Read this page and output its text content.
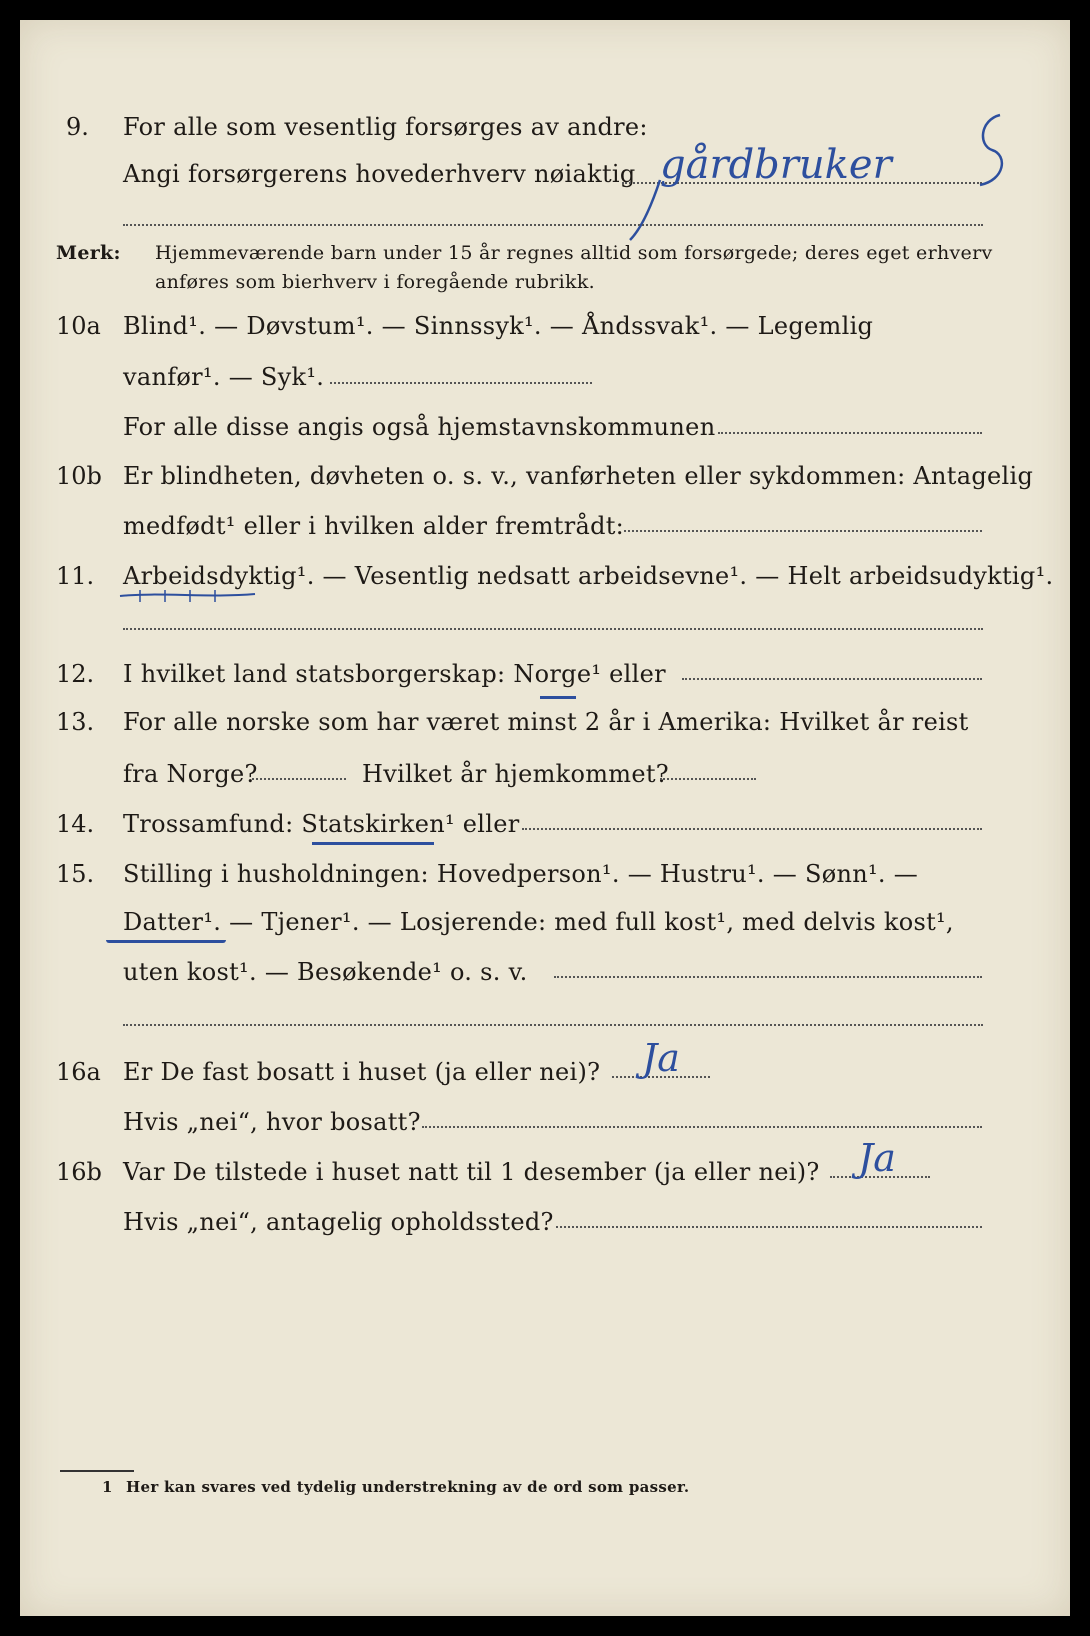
9. For alle som vesentlig forsørges av andre:
Angi forsørgerens hovederhverv nøiaktig gårdbruker
Merk: Hjemmeværende barn under 15 år regnes alltid som forsørgede; deres eget erhverv
anføres som bierhverv i foregående rubrikk.
10a Blind¹. — Døvstum¹. — Sinnssyk¹. — Åndssvak¹. — Legemlig
vanfør¹. — Syk¹.
For alle disse angis også hjemstavnskommunen
10b Er blindheten, døvheten o. s. v., vanførheten eller sykdommen: Antagelig
medfødt¹ eller i hvilken alder fremtrådt:
11. Arbeidsdyktig¹. — Vesentlig nedsatt arbeidsevne¹. — Helt arbeidsudyktig¹.
12. I hvilket land statsborgerskap: Norge¹ eller
13. For alle norske som har været minst 2 år i Amerika: Hvilket år reist
fra Norge?	Hvilket år hjemkommet?
14. Trossamfund: Statskirken¹ eller
15. Stilling i husholdningen: Hovedperson¹. — Hustru¹. — Sønn¹. —
Datter¹. — Tjener¹. — Losjerende: med full kost¹, med delvis kost¹,
uten kost¹. — Besøkende¹ o. s. v.
16a Er De fast bosatt i huset (ja eller nei)? Ja
Hvis „nei“, hvor bosatt?
16b Var De tilstede i huset natt til 1 desember (ja eller nei)? Ja
Hvis „nei“, antagelig opholdssted?
1 Her kan svares ved tydelig understrekning av de ord som passer.
